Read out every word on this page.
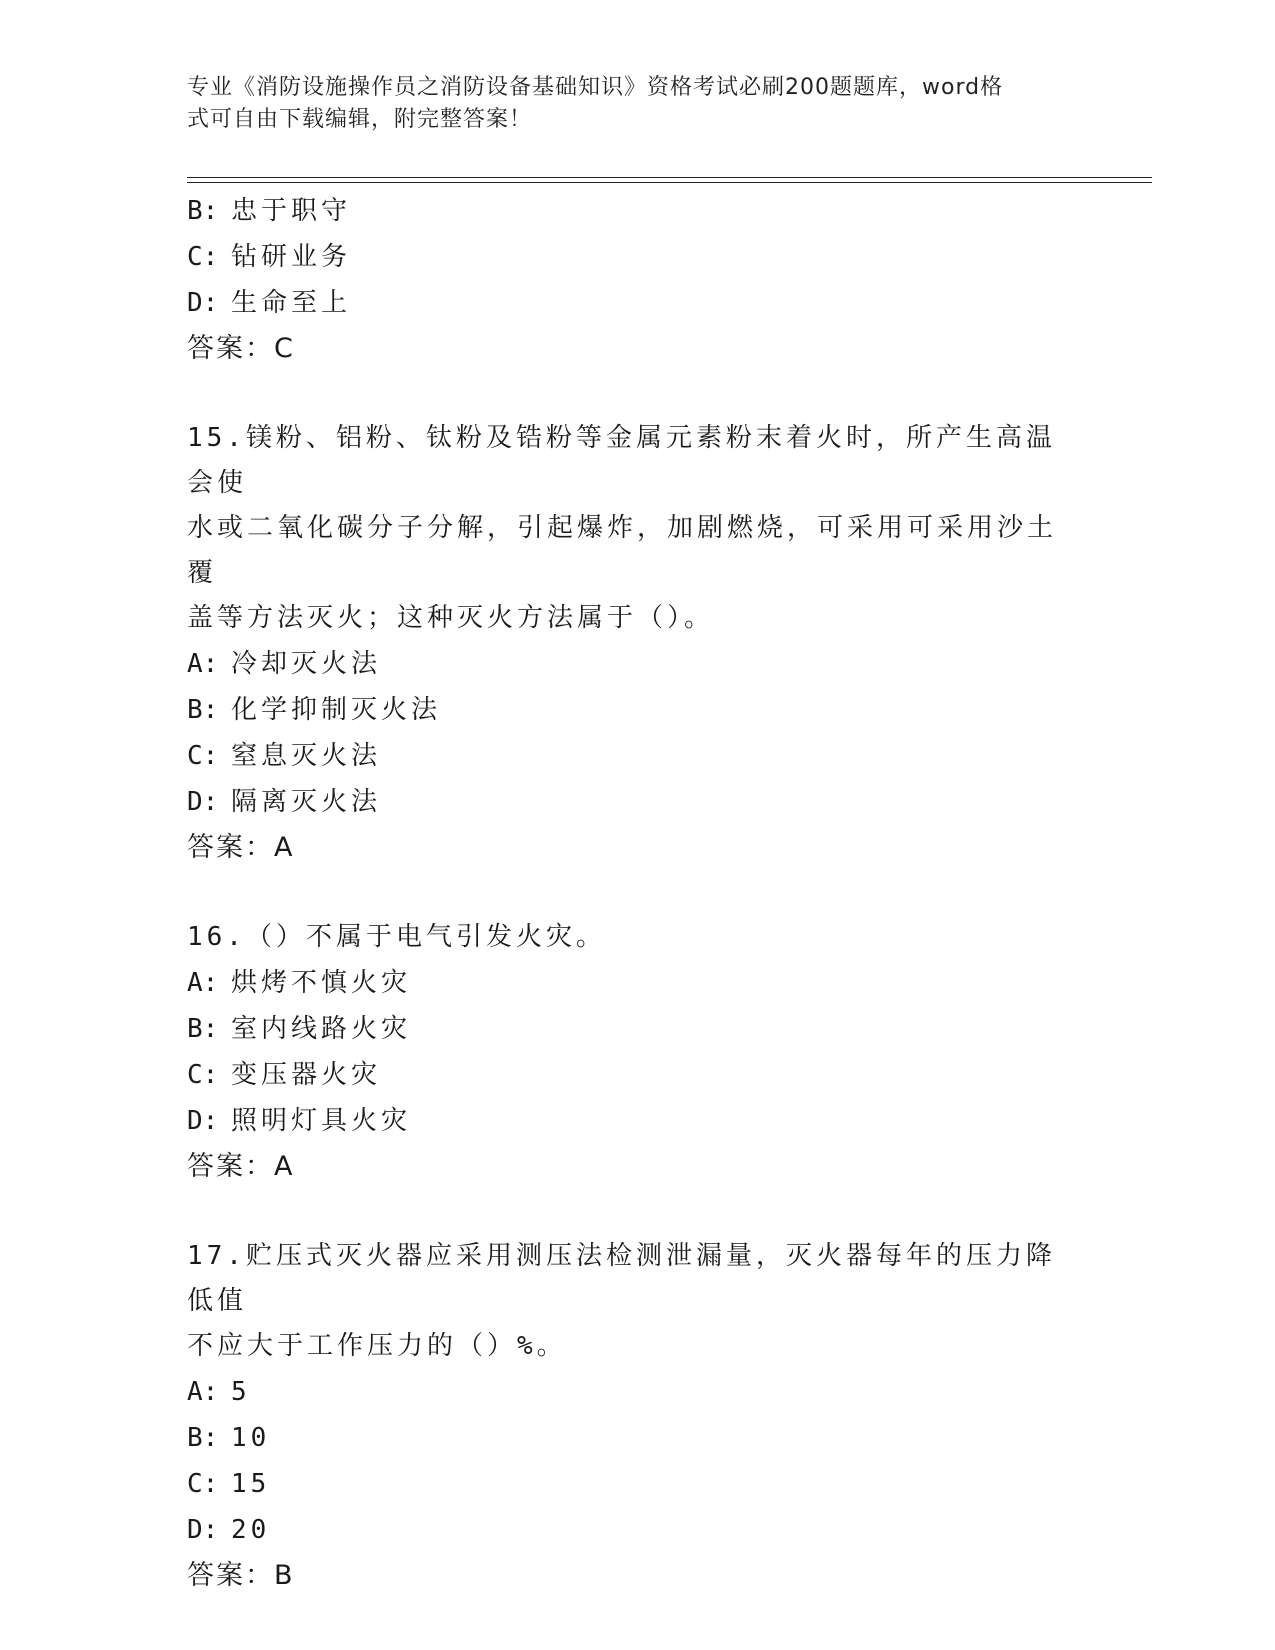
专业《消防设施操作员之消防设备基础知识》资格考试必刷200题题库，word格
式可自由下载编辑，附完整答案！
B: 忠于职守
C: 钻研业务
D: 生命至上
答案：C
15.镁粉、铝粉、钛粉及锆粉等金属元素粉末着火时，所产生高温会使
水或二氧化碳分子分解，引起爆炸，加剧燃烧，可采用可采用沙土覆
盖等方法灭火；这种灭火方法属于（）。
A: 冷却灭火法
B: 化学抑制灭火法
C: 窒息灭火法
D: 隔离灭火法
答案：A
16.（）不属于电气引发火灾。
A: 烘烤不慎火灾
B: 室内线路火灾
C: 变压器火灾
D: 照明灯具火灾
答案：A
17.贮压式灭火器应采用测压法检测泄漏量，灭火器每年的压力降低值
不应大于工作压力的（）%。
A: 5
B: 10
C: 15
D: 20
答案：B
